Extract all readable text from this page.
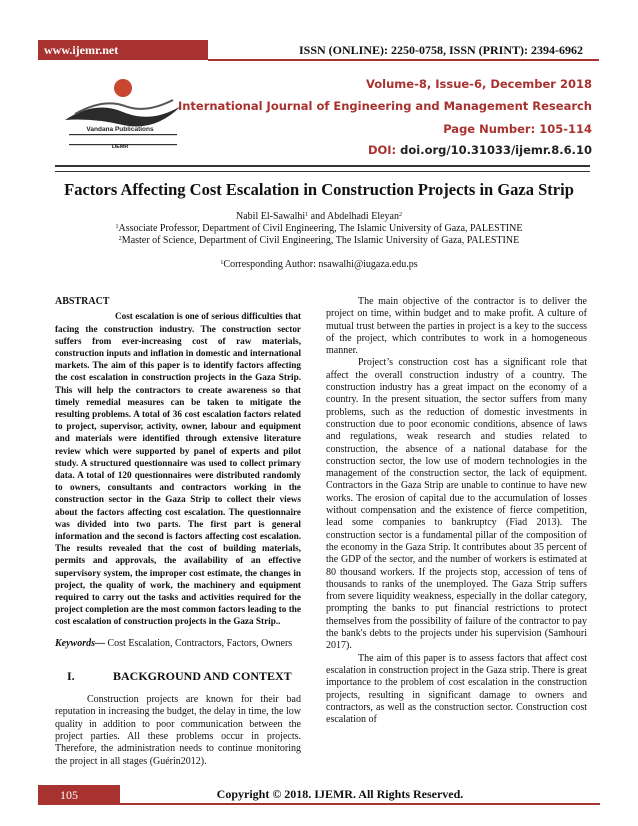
www.ijemr.net	ISSN (ONLINE): 2250-0758, ISSN (PRINT): 2394-6962
Vandana Publications
IJEMR
Volume-8, Issue-6, December 2018
International Journal of Engineering and Management Research
Page Number: 105-114
DOI: doi.org/10.31033/ijemr.8.6.10
Factors Affecting Cost Escalation in Construction Projects in Gaza Strip
Nabil El-Sawalhi$^1$ and Abdelhadi Eleyan$^2$
$^1$Associate Professor, Department of Civil Engineering, The Islamic University of Gaza, PALESTINE
$^2$Master of Science, Department of Civil Engineering, The Islamic University of Gaza, PALESTINE
$^1$Corresponding Author: nsawalhi@iugaza.edu.ps
ABSTRACT

Cost escalation is one of serious difficulties that facing the construction industry. The construction sector suffers from ever-increasing cost of raw materials, construction inputs and inflation in domestic and international markets. The aim of this paper is to identify factors affecting the cost escalation in construction projects in the Gaza Strip. This will help the contractors to create awareness so that timely remedial measures can be taken to mitigate the resulting problems. A total of 36 cost escalation factors related to project, supervisor, activity, owner, labour and equipment and materials were identified through extensive literature review which were supported by panel of experts and pilot study. A structured questionnaire was used to collect primary data. A total of 120 questionnaires were distributed randomly to owners, consultants and contractors working in the construction sector in the Gaza Strip to collect their views about the factors affecting cost escalation. The questionnaire was divided into two parts. The first part is general information and the second is factors affecting cost escalation. The results revealed that the cost of building materials, permits and approvals, the availability of an effective supervisory system, the improper cost estimate, the changes in project, the quality of work, the machinery and equipment required to carry out the tasks and activities required for the project completion are the most common factors leading to the cost escalation of construction projects in the Gaza Strip..

Keywords— Cost Escalation, Contractors, Factors, Owners

I.	BACKGROUND AND CONTEXT

Construction projects are known for their bad reputation in increasing the budget, the delay in time, the low quality in addition to poor communication between the project parties. All these problems occur in projects. Therefore, the administration needs to continue monitoring the project in all stages (Guérin2012).

The main objective of the contractor is to deliver the project on time, within budget and to make profit. A culture of mutual trust between the parties in project is a key to the success of the project, which contributes to work in a homogeneous manner.

Project’s construction cost has a significant role that affect the overall construction industry of a country. The construction industry has a great impact on the economy of a country. In the present situation, the sector suffers from many problems, such as the reduction of domestic investments in construction due to poor economic conditions, absence of laws and regulations, weak research and studies related to construction, the absence of a national database for the construction sector, the low use of modern technologies in the management of the construction sector, the lack of equipment. Contractors in the Gaza Strip are unable to continue to have new works. The erosion of capital due to the accumulation of losses without compensation and the existence of fierce competition, lead some companies to bankruptcy (Fiad 2013). The construction sector is a fundamental pillar of the composition of the economy in the Gaza Strip. It contributes about 35 percent of the GDP of the sector, and the number of workers is estimated at 80 thousand workers. If the projects stop, accession of tens of thousands to ranks of the unemployed. The Gaza Strip suffers from severe liquidity weakness, especially in the dollar category, prompting the banks to put financial restrictions to protect themselves from the possibility of failure of the contractor to pay the bank's debts to the projects under his supervision (Samhouri 2017).

The aim of this paper is to assess factors that affect cost escalation in construction project in the Gaza strip. There is great importance to the problem of cost escalation in the construction projects, resulting in significant damage to owners and contractors, as well as the construction sector. Construction cost escalation of

105	Copyright © 2018. IJEMR. All Rights Reserved.
